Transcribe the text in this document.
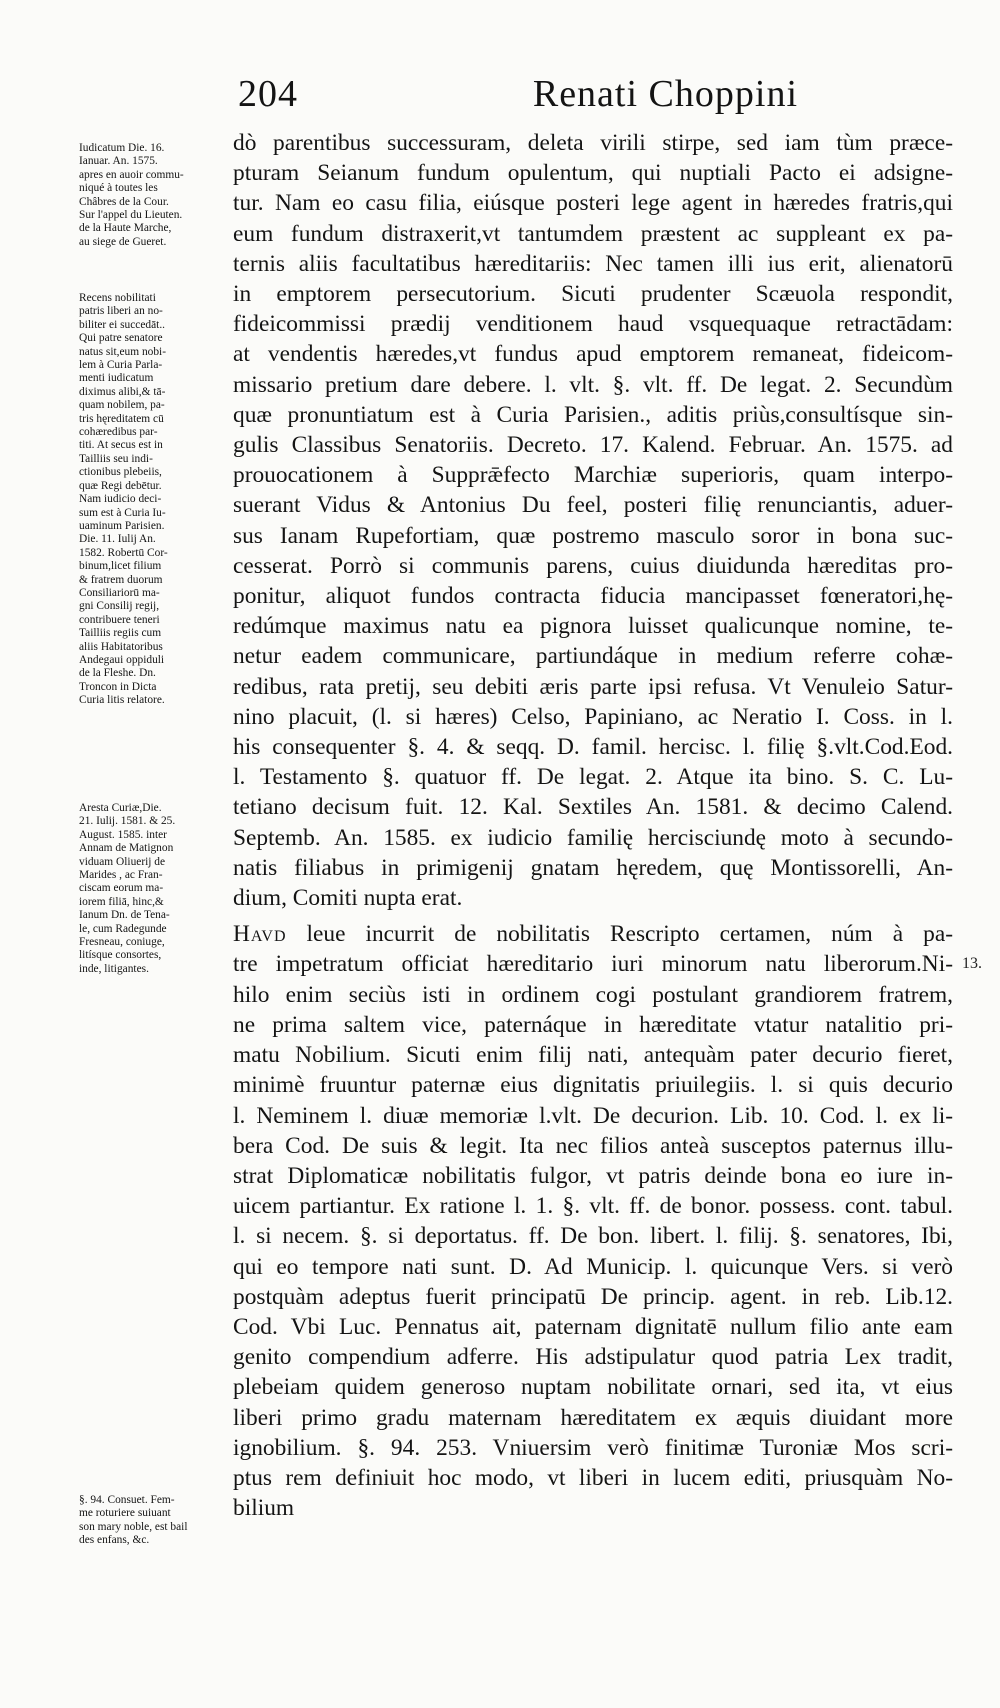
204	Renati Choppini

dò parentibus successuram, deleta virili stirpe, sed iam tùm præce-
pturam Seianum fundum opulentum, qui nuptiali Pacto ei adsigne-
tur. Nam eo casu filia, eiúsque posteri lege agent in hæredes fratris,qui
eum fundum distraxerit,vt tantumdem præstent ac suppleant ex pa-
ternis aliis facultatibus hæreditariis: Nec tamen illi ius erit, alienatorū
in emptorem persecutorium. Sicuti prudenter Scæuola respondit,
fideicommissi prædij venditionem haud vsquequaque retractādam:
at vendentis hæredes,vt fundus apud emptorem remaneat, fideicom-
missario pretium dare debere. l. vlt. §. vlt. ff. De legat. 2. Secundùm
quæ pronuntiatum est à Curia Parisien., aditis priùs,consultísque sin-
gulis Classibus Senatoriis. Decreto. 17. Kalend. Februar. An. 1575. ad
prouocationem à Supprǣfecto Marchiæ superioris, quam interpo-
suerant Vidus & Antonius Du feel, posteri filię renunciantis, aduer-
sus Ianam Rupefortiam, quæ postremo masculo soror in bona suc-
cesserat. Porrò si communis parens, cuius diuidunda hæreditas pro-
ponitur, aliquot fundos contracta fiducia mancipasset fœneratori,hę-
redúmque maximus natu ea pignora luisset qualicunque nomine, te-
netur eadem communicare, partiundáque in medium referre cohæ-
redibus, rata pretij, seu debiti æris parte ipsi refusa. Vt Venuleio Satur-
nino placuit, (l. si hæres) Celso, Papiniano, ac Neratio I. Coss. in l.
his consequenter §. 4. & seqq. D. famil. hercisc. l. filię §.vlt.Cod.Eod.
l. Testamento §. quatuor ff. De legat. 2. Atque ita bino. S. C. Lu-
tetiano decisum fuit. 12. Kal. Sextiles An. 1581. & decimo Calend.
Septemb. An. 1585. ex iudicio familię hercisciundę moto à secundo-
natis filiabus in primigenij gnatam hęredem, quę Montissorelli, An-
dium, Comiti nupta erat.

Havd leue incurrit de nobilitatis Rescripto certamen, núm à pa-
tre impetratum officiat hæreditario iuri minorum natu liberorum.Ni-
hilo enim seciùs isti in ordinem cogi postulant grandiorem fratrem,
ne prima saltem vice, paternáque in hæreditate vtatur natalitio pri-
matu Nobilium. Sicuti enim filij nati, antequàm pater decurio fieret,
minimè fruuntur paternæ eius dignitatis priuilegiis. l. si quis decurio
l. Neminem l. diuæ memoriæ l.vlt. De decurion. Lib. 10. Cod. l. ex li-
bera Cod. De suis & legit. Ita nec filios anteà susceptos paternus illu-
strat Diplomaticæ nobilitatis fulgor, vt patris deinde bona eo iure in-
uicem partiantur. Ex ratione l. 1. §. vlt. ff. de bonor. possess. cont. tabul.
l. si necem. §. si deportatus. ff. De bon. libert. l. filij. §. senatores, Ibi,
qui eo tempore nati sunt. D. Ad Municip. l. quicunque Vers. si verò
postquàm adeptus fuerit principatū De princip. agent. in reb. Lib.12.
Cod. Vbi Luc. Pennatus ait, paternam dignitatē nullum filio ante eam
genito compendium adferre. His adstipulatur quod patria Lex tradit,
plebeiam quidem generoso nuptam nobilitate ornari, sed ita, vt eius
liberi primo gradu maternam hæreditatem ex æquis diuidant more
ignobilium. §. 94. 253. Vniuersim verò finitimæ Turoniæ Mos scri-
ptus rem definiuit hoc modo, vt liberi in lucem editi, priusquàm No-
bilium

Iudicatum Die. 16.
Ianuar. An. 1575.
apres en auoir commu-
niqué à toutes les
Châbres de la Cour.
Sur l'appel du Lieuten.
de la Haute Marche,
au siege de Gueret.
Recens nobilitati
patris liberi an no-
biliter ei succedāt..
Qui patre senatore
natus sit,eum nobi-
lem à Curia Parla-
menti iudicatum
diximus alibi,& tā-
quam nobilem, pa-
tris hęreditatem cū
cohæredibus par-
titi. At secus est in
Tailliis seu indi-
ctionibus plebeiis,
quæ Regi debētur.
Nam iudicio deci-
sum est à Curia Iu-
uaminum Parisien.
Die. 11. Iulij An.
1582. Robertū Cor-
binum,licet filium
& fratrem duorum
Consiliariorū ma-
gni Consilij regij,
contribuere teneri
Tailliis regiis cum
aliis Habitatoribus
Andegaui oppiduli
de la Fleshe. Dn.
Troncon in Dicta
Curia litis relatore.
Aresta Curiæ,Die.
21. Iulij. 1581. & 25.
August. 1585. inter
Annam de Matignon
viduam Oliuerij de
Marides , ac Fran-
ciscam eorum ma-
iorem filiā, hinc,&
Ianum Dn. de Tena-
le, cum Radegunde
Fresneau, coniuge,
litísque consortes,
inde, litigantes.
§. 94. Consuet. Fem-
me roturiere suiuant
son mary noble, est bail
des enfans, &c.
13.
